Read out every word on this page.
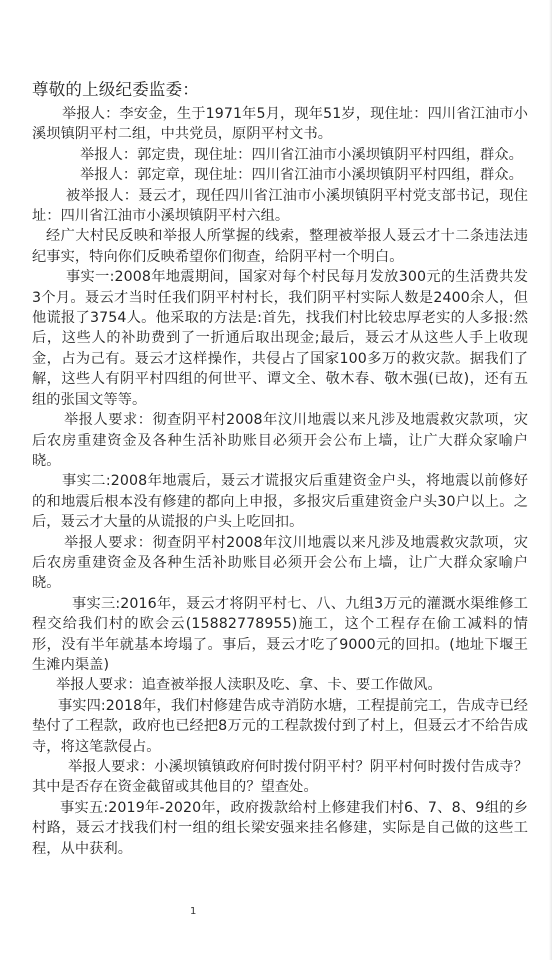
尊敬的上级纪委监委：

举报人：李安金，生于1971年5月，现年51岁，现住址：四川省江油市小溪坝镇阴平村二组，中共党员，原阴平村文书。

举报人：郭定贵，现住址：四川省江油市小溪坝镇阴平村四组，群众。

举报人：郭定章，现住址：四川省江油市小溪坝镇阴平村四组，群众。

被举报人：聂云才，现任四川省江油市小溪坝镇阴平村党支部书记，现住址：四川省江油市小溪坝镇阴平村六组。

经广大村民反映和举报人所掌握的线索，整理被举报人聂云才十二条违法违纪事实，特向你们反映希望你们彻查，给阴平村一个明白。

事实一:2008年地震期间，国家对每个村民每月发放300元的生活费共发3个月。聂云才当时任我们阴平村村长，我们阴平村实际人数是2400余人，但他谎报了3754人。他采取的方法是:首先，找我们村比较忠厚老实的人多报:然后，这些人的补助费到了一折通后取出现金;最后，聂云才从这些人手上收现金，占为己有。聂云才这样操作，共侵占了国家100多万的救灾款。据我们了解，这些人有阴平村四组的何世平、谭文全、敬木春、敬木强(已故)，还有五组的张国文等等。

举报人要求：彻查阴平村2008年汶川地震以来凡涉及地震救灾款项，灾后农房重建资金及各种生活补助账目必须开会公布上墙，让广大群众家喻户晓。

事实二:2008年地震后，聂云才谎报灾后重建资金户头，将地震以前修好的和地震后根本没有修建的都向上申报，多报灾后重建资金户头30户以上。之后，聂云才大量的从谎报的户头上吃回扣。

举报人要求：彻查阴平村2008年汶川地震以来凡涉及地震救灾款项，灾后农房重建资金及各种生活补助账目必须开会公布上墙，让广大群众家喻户晓。

事实三:2016年，聂云才将阴平村七、八、九组3万元的灌溉水渠维修工程交给我们村的欧会云(15882778955)施工，这个工程存在偷工减料的情形，没有半年就基本垮塌了。事后，聂云才吃了9000元的回扣。(地址下堰王生滩内渠盖)

举报人要求：追查被举报人渎职及吃、拿、卡、要工作做风。

事实四:2018年，我们村修建告成寺消防水塘，工程提前完工，告成寺已经垫付了工程款，政府也已经把8万元的工程款拨付到了村上，但聂云才不给告成寺，将这笔款侵占。

举报人要求：小溪坝镇镇政府何时拨付阴平村？阴平村何时拨付告成寺？其中是否存在资金截留或其他目的？望查处。

事实五:2019年-2020年，政府拨款给村上修建我们村6、7、8、9组的乡村路，聂云才找我们村一组的组长梁安强来挂名修建，实际是自己做的这些工程，从中获利。

1
